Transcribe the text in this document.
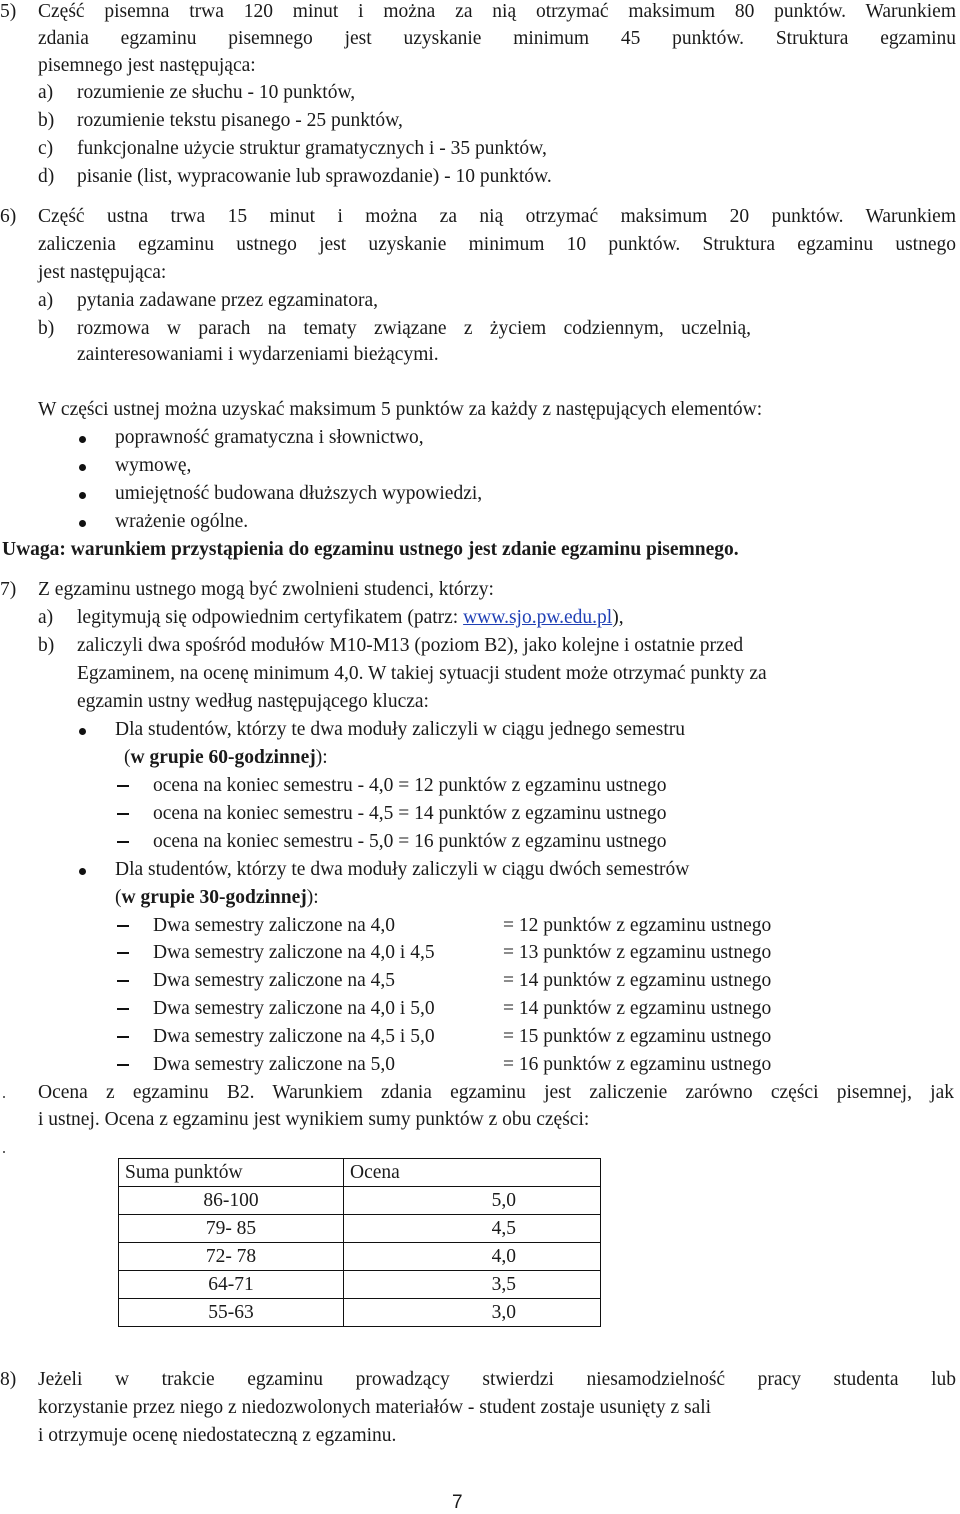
5) Część pisemna trwa 120 minut i można za nią otrzymać maksimum 80 punktów. Warunkiem
zdania egzaminu pisemnego jest uzyskanie minimum 45 punktów. Struktura egzaminu
pisemnego jest następująca:
a) rozumienie ze słuchu - 10 punktów,
b) rozumienie tekstu pisanego - 25 punktów,
c) funkcjonalne użycie struktur gramatycznych i - 35 punktów,
d) pisanie (list, wypracowanie lub sprawozdanie) - 10 punktów.
6) Część ustna trwa 15 minut i można za nią otrzymać maksimum 20 punktów. Warunkiem
zaliczenia egzaminu ustnego jest uzyskanie minimum 10 punktów. Struktura egzaminu ustnego
jest następująca:
a) pytania zadawane przez egzaminatora,
b) rozmowa w parach na tematy związane z życiem codziennym, uczelnią,
zainteresowaniami i wydarzeniami bieżącymi.
W części ustnej można uzyskać maksimum 5 punktów za każdy z następujących elementów:
poprawność gramatyczna i słownictwo,
wymowę,
umiejętność budowana dłuższych wypowiedzi,
wrażenie ogólne.
Uwaga: warunkiem przystąpienia do egzaminu ustnego jest zdanie egzaminu pisemnego.
7) Z egzaminu ustnego mogą być zwolnieni studenci, którzy:
a) legitymują się odpowiednim certyfikatem (patrz: www.sjo.pw.edu.pl),
b) zaliczyli dwa spośród modułów M10-M13 (poziom B2), jako kolejne i ostatnie przed
Egzaminem, na ocenę minimum 4,0. W takiej sytuacji student może otrzymać punkty za
egzamin ustny według następującego klucza:
Dla studentów, którzy te dwa moduły zaliczyli w ciągu jednego semestru
(w grupie 60-godzinnej):
ocena na koniec semestru - 4,0 = 12 punktów z egzaminu ustnego
ocena na koniec semestru - 4,5 = 14 punktów z egzaminu ustnego
ocena na koniec semestru - 5,0 = 16 punktów z egzaminu ustnego
Dla studentów, którzy te dwa moduły zaliczyli w ciągu dwóch semestrów
(w grupie 30-godzinnej):
Dwa semestry zaliczone na 4,0	= 12 punktów z egzaminu ustnego
Dwa semestry zaliczone na 4,0 i 4,5	= 13 punktów z egzaminu ustnego
Dwa semestry zaliczone na 4,5	= 14 punktów z egzaminu ustnego
Dwa semestry zaliczone na 4,0 i 5,0	= 14 punktów z egzaminu ustnego
Dwa semestry zaliczone na 4,5 i 5,0	= 15 punktów z egzaminu ustnego
Dwa semestry zaliczone na 5,0	= 16 punktów z egzaminu ustnego
Ocena z egzaminu B2. Warunkiem zdania egzaminu jest zaliczenie zarówno części pisemnej, jak
i ustnej. Ocena z egzaminu jest wynikiem sumy punktów z obu części:
Suma punktów	Ocena
86-100	5,0
79- 85	4,5
72- 78	4,0
64-71	3,5
55-63	3,0
8) Jeżeli w trakcie egzaminu prowadzący stwierdzi niesamodzielność pracy studenta lub
korzystanie przez niego z niedozwolonych materiałów - student zostaje usunięty z sali
i otrzymuje ocenę niedostateczną z egzaminu.
7
